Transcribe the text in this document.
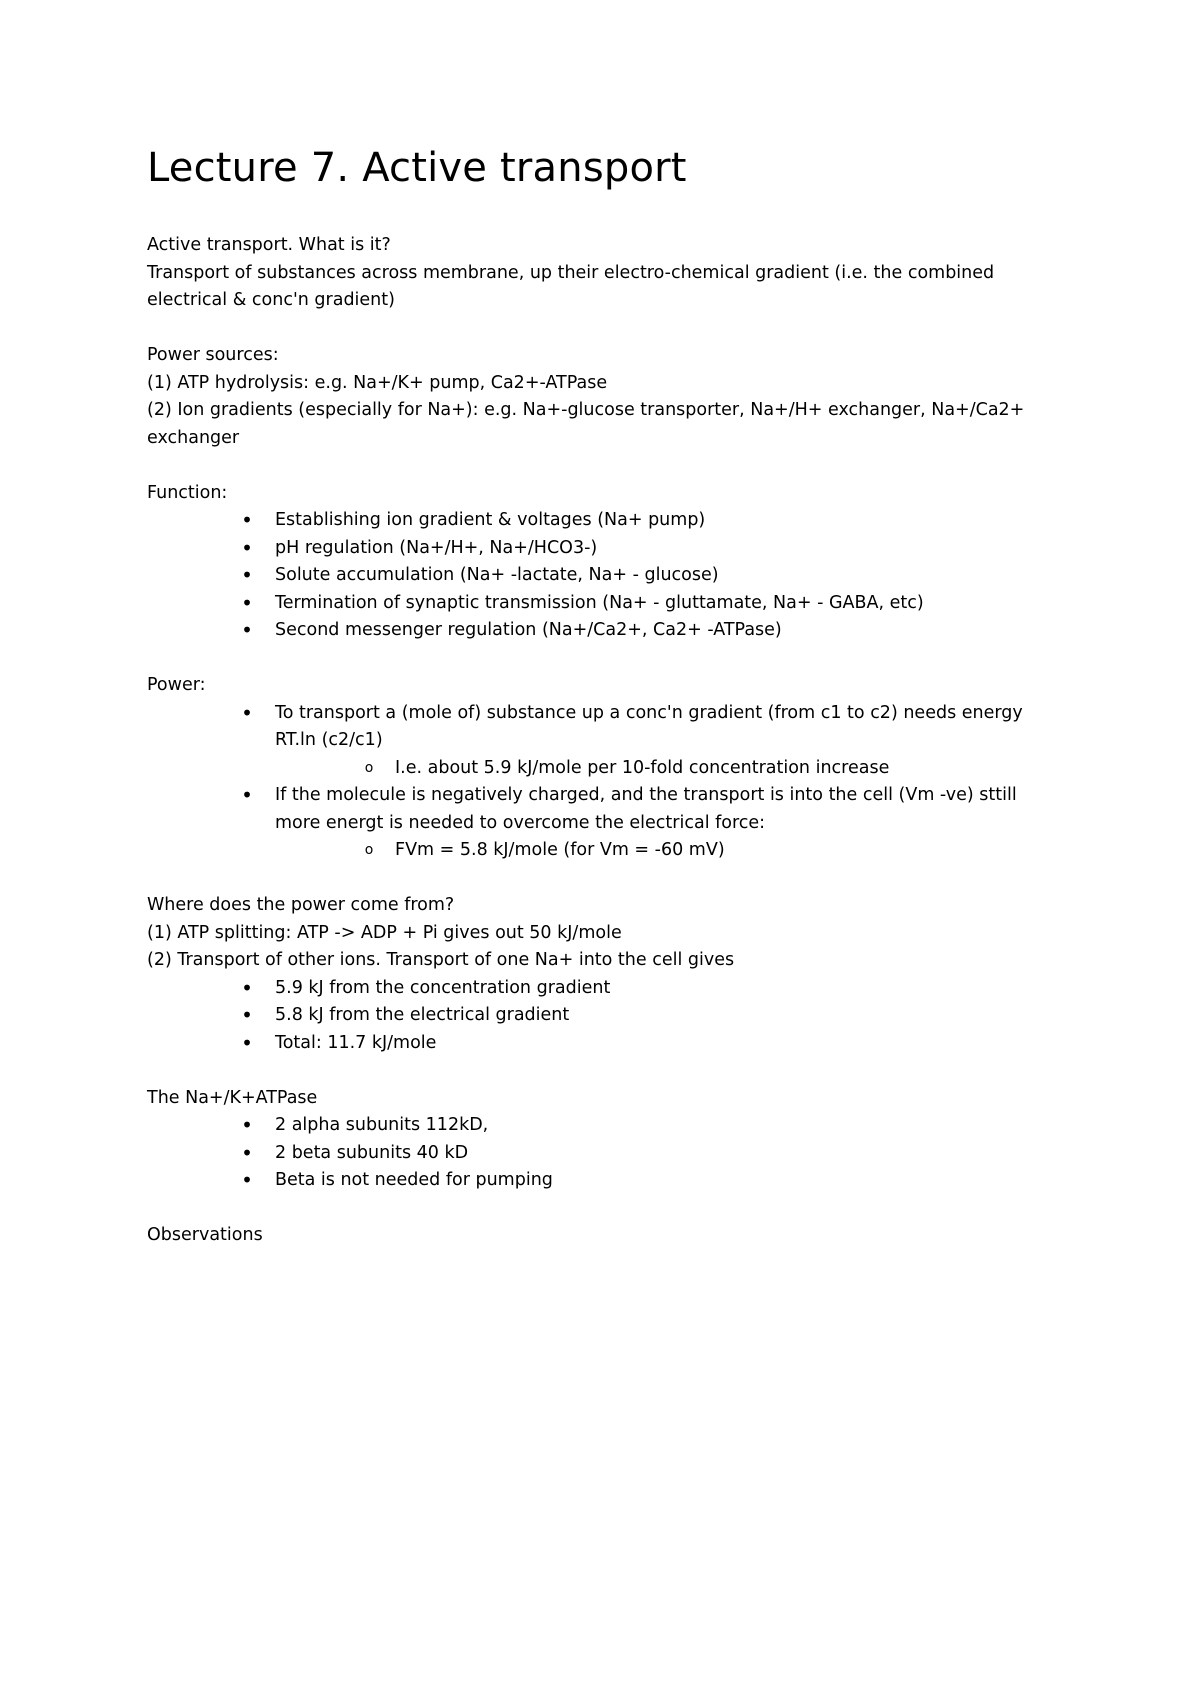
Lecture 7. Active transport

Active transport. What is it?

Transport of substances across membrane, up their electro-chemical gradient (i.e. the combined electrical & conc'n gradient)

Power sources:

(1) ATP hydrolysis: e.g. Na+/K+ pump, Ca2+-ATPase

(2) Ion gradients (especially for Na+): e.g. Na+-glucose transporter, Na+/H+ exchanger, Na+/Ca2+ exchanger

Function:

• Establishing ion gradient & voltages (Na+ pump)
• pH regulation (Na+/H+, Na+/HCO3-)
• Solute accumulation (Na+ -lactate, Na+ - glucose)
• Termination of synaptic transmission (Na+ - gluttamate, Na+ - GABA, etc)
• Second messenger regulation (Na+/Ca2+, Ca2+ -ATPase)

Power:

• To transport a (mole of) substance up a conc'n gradient (from c1 to c2) needs energy RT.ln (c2/c1)
o	I.e. about 5.9 kJ/mole per 10-fold concentration increase
• If the molecule is negatively charged, and the transport is into the cell (Vm -ve) sttill more energt is needed to overcome the electrical force:
o	FVm = 5.8 kJ/mole (for Vm = -60 mV)

Where does the power come from?

(1) ATP splitting: ATP -> ADP + Pi gives out 50 kJ/mole

(2) Transport of other ions. Transport of one Na+ into the cell gives

• 5.9 kJ from the concentration gradient
• 5.8 kJ from the electrical gradient
• Total: 11.7 kJ/mole

The Na+/K+ATPase

• 2 alpha subunits 112kD,
• 2 beta subunits 40 kD
• Beta is not needed for pumping

Observations
